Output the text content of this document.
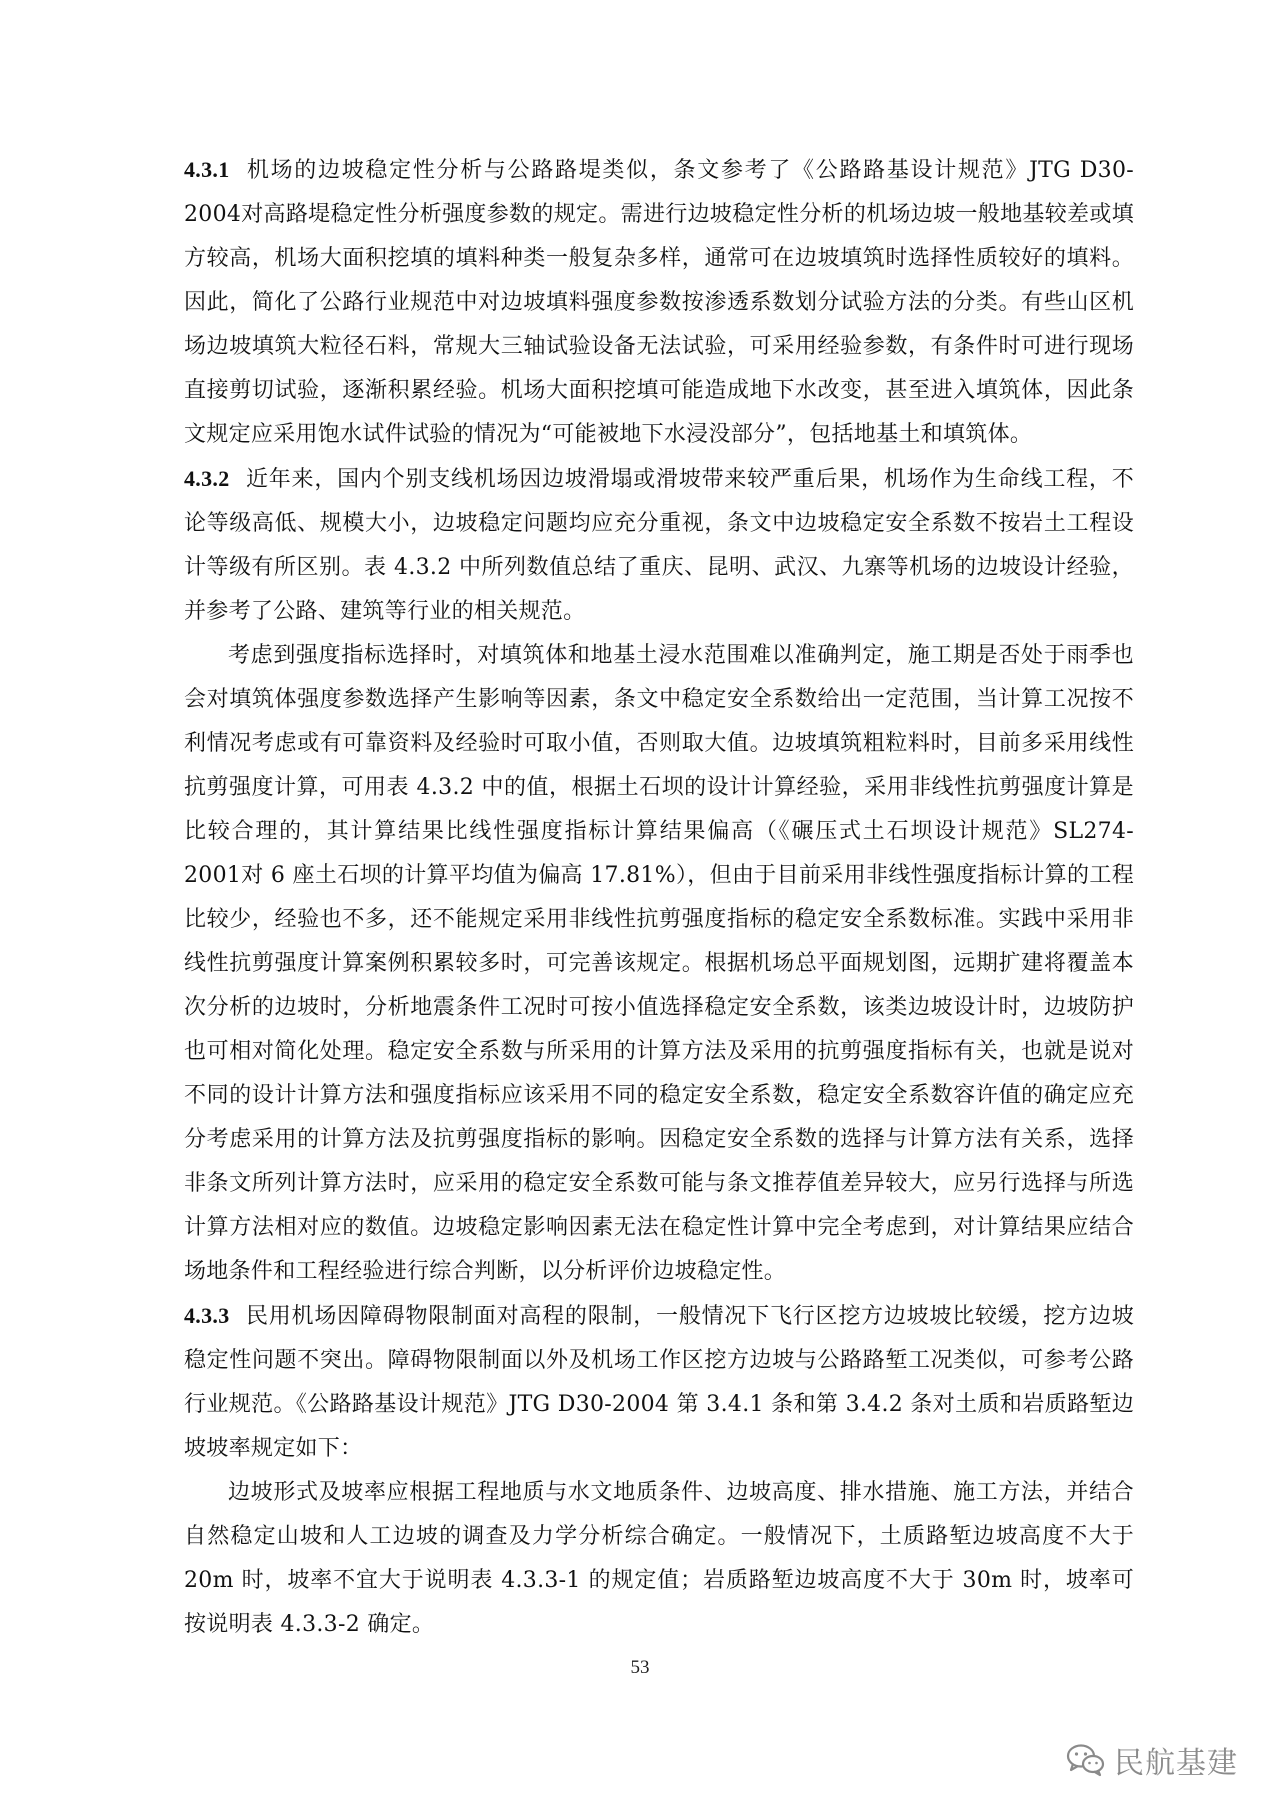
4.3.1 机场的边坡稳定性分析与公路路堤类似，条文参考了《公路路基设计规范》JTG D30-2004对高路堤稳定性分析强度参数的规定。需进行边坡稳定性分析的机场边坡一般地基较差或填方较高，机场大面积挖填的填料种类一般复杂多样，通常可在边坡填筑时选择性质较好的填料。因此，简化了公路行业规范中对边坡填料强度参数按渗透系数划分试验方法的分类。有些山区机场边坡填筑大粒径石料，常规大三轴试验设备无法试验，可采用经验参数，有条件时可进行现场直接剪切试验，逐渐积累经验。机场大面积挖填可能造成地下水改变，甚至进入填筑体，因此条文规定应采用饱水试件试验的情况为“可能被地下水浸没部分”，包括地基土和填筑体。

4.3.2 近年来，国内个别支线机场因边坡滑塌或滑坡带来较严重后果，机场作为生命线工程，不论等级高低、规模大小，边坡稳定问题均应充分重视，条文中边坡稳定安全系数不按岩土工程设计等级有所区别。表 4.3.2 中所列数值总结了重庆、昆明、武汉、九寨等机场的边坡设计经验，并参考了公路、建筑等行业的相关规范。

考虑到强度指标选择时，对填筑体和地基土浸水范围难以准确判定，施工期是否处于雨季也会对填筑体强度参数选择产生影响等因素，条文中稳定安全系数给出一定范围，当计算工况按不利情况考虑或有可靠资料及经验时可取小值，否则取大值。边坡填筑粗粒料时，目前多采用线性抗剪强度计算，可用表 4.3.2 中的值，根据土石坝的设计计算经验，采用非线性抗剪强度计算是比较合理的，其计算结果比线性强度指标计算结果偏高（《碾压式土石坝设计规范》SL274-2001对 6 座土石坝的计算平均值为偏高 17.81%），但由于目前采用非线性强度指标计算的工程比较少，经验也不多，还不能规定采用非线性抗剪强度指标的稳定安全系数标准。实践中采用非线性抗剪强度计算案例积累较多时，可完善该规定。根据机场总平面规划图，远期扩建将覆盖本次分析的边坡时，分析地震条件工况时可按小值选择稳定安全系数，该类边坡设计时，边坡防护也可相对简化处理。稳定安全系数与所采用的计算方法及采用的抗剪强度指标有关，也就是说对不同的设计计算方法和强度指标应该采用不同的稳定安全系数，稳定安全系数容许值的确定应充分考虑采用的计算方法及抗剪强度指标的影响。因稳定安全系数的选择与计算方法有关系，选择非条文所列计算方法时，应采用的稳定安全系数可能与条文推荐值差异较大，应另行选择与所选计算方法相对应的数值。边坡稳定影响因素无法在稳定性计算中完全考虑到，对计算结果应结合场地条件和工程经验进行综合判断，以分析评价边坡稳定性。

4.3.3 民用机场因障碍物限制面对高程的限制，一般情况下飞行区挖方边坡坡比较缓，挖方边坡稳定性问题不突出。障碍物限制面以外及机场工作区挖方边坡与公路路堑工况类似，可参考公路行业规范。《公路路基设计规范》JTG D30-2004 第 3.4.1 条和第 3.4.2 条对土质和岩质路堑边坡坡率规定如下：

边坡形式及坡率应根据工程地质与水文地质条件、边坡高度、排水措施、施工方法，并结合自然稳定山坡和人工边坡的调查及力学分析综合确定。一般情况下，土质路堑边坡高度不大于20m 时，坡率不宜大于说明表 4.3.3-1 的规定值；岩质路堑边坡高度不大于 30m 时，坡率可按说明表 4.3.3-2 确定。

53
民航基建
